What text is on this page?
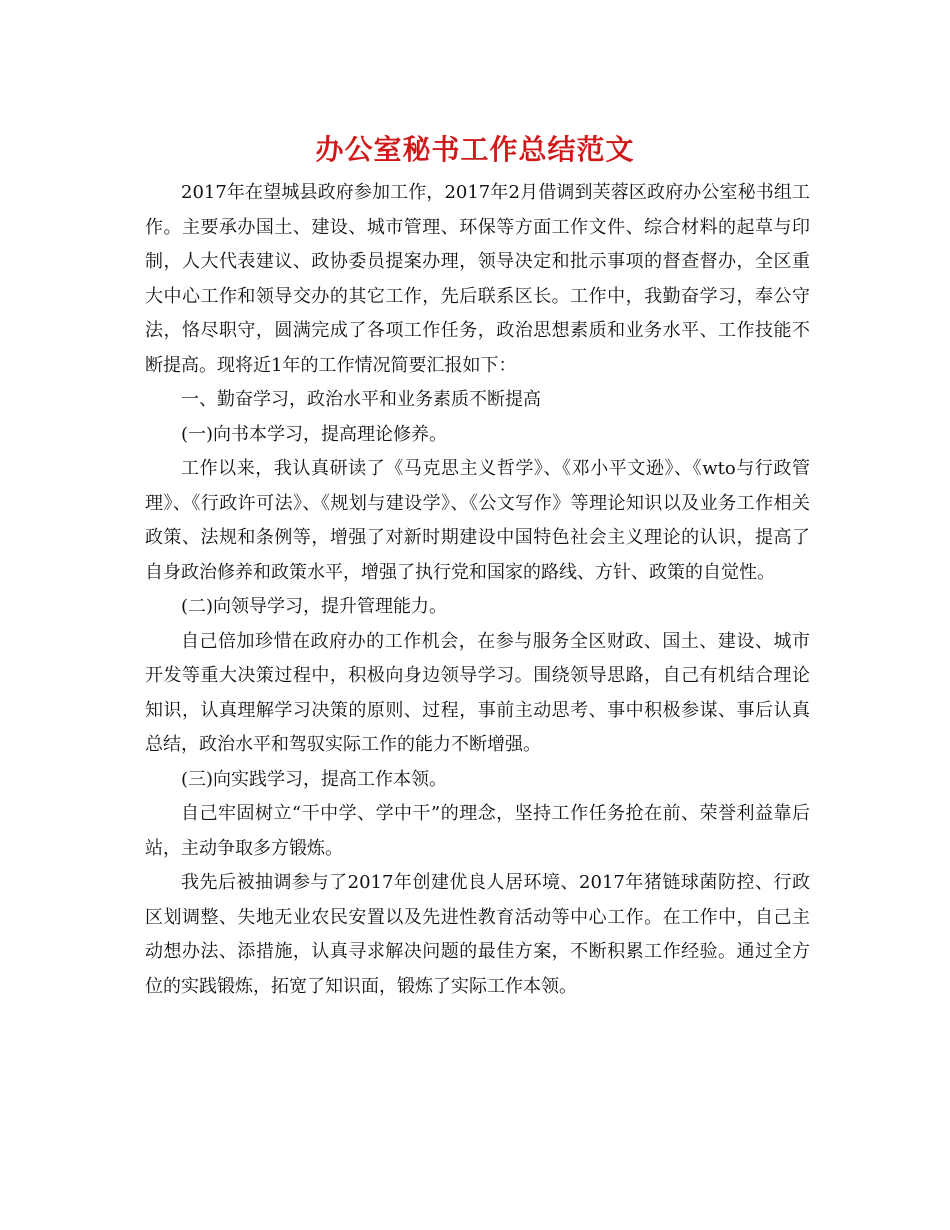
办公室秘书工作总结范文

2017年在望城县政府参加工作，2017年2月借调到芙蓉区政府办公室秘书组工作。主要承办国土、建设、城市管理、环保等方面工作文件、综合材料的起草与印制，人大代表建议、政协委员提案办理，领导决定和批示事项的督查督办，全区重大中心工作和领导交办的其它工作，先后联系区长。工作中，我勤奋学习，奉公守法，恪尽职守，圆满完成了各项工作任务，政治思想素质和业务水平、工作技能不断提高。现将近1年的工作情况简要汇报如下：

一、勤奋学习，政治水平和业务素质不断提高

(一)向书本学习，提高理论修养。

工作以来，我认真研读了《马克思主义哲学》、《邓小平文逊》、《wto与行政管理》、《行政许可法》、《规划与建设学》、《公文写作》等理论知识以及业务工作相关政策、法规和条例等，增强了对新时期建设中国特色社会主义理论的认识，提高了自身政治修养和政策水平，增强了执行党和国家的路线、方针、政策的自觉性。

(二)向领导学习，提升管理能力。

自己倍加珍惜在政府办的工作机会，在参与服务全区财政、国土、建设、城市开发等重大决策过程中，积极向身边领导学习。围绕领导思路，自己有机结合理论知识，认真理解学习决策的原则、过程，事前主动思考、事中积极参谋、事后认真总结，政治水平和驾驭实际工作的能力不断增强。

(三)向实践学习，提高工作本领。

自己牢固树立“干中学、学中干”的理念，坚持工作任务抢在前、荣誉利益靠后站，主动争取多方锻炼。

我先后被抽调参与了2017年创建优良人居环境、2017年猪链球菌防控、行政区划调整、失地无业农民安置以及先进性教育活动等中心工作。在工作中，自己主动想办法、添措施，认真寻求解决问题的最佳方案，不断积累工作经验。通过全方位的实践锻炼，拓宽了知识面，锻炼了实际工作本领。
